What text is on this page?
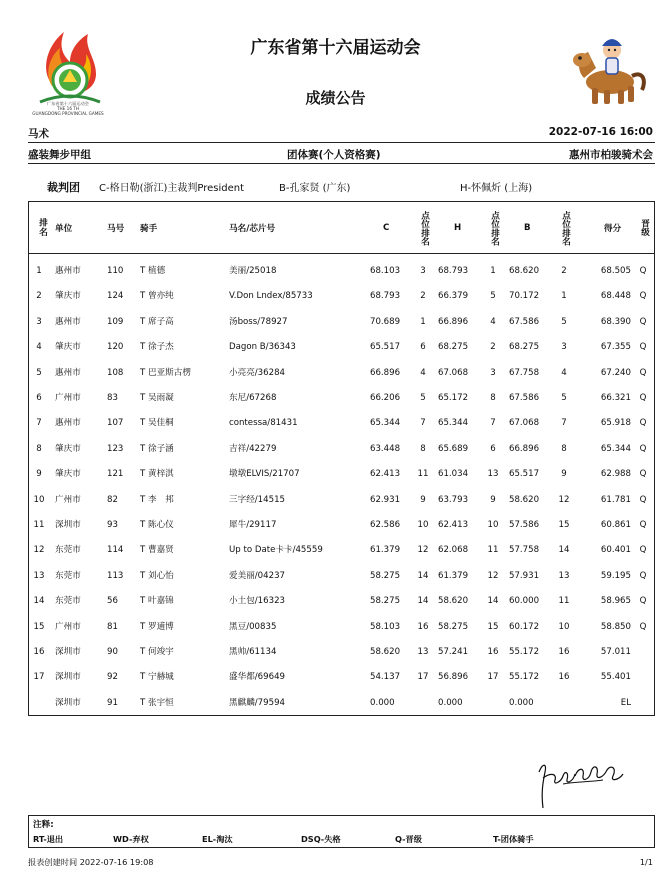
广东省第十六届运动会
THE 16 TH
GUANGDONG PROVINCIAL GAMES
广东省第十六届运动会
成绩公告
马术	2022-07-16 16:00
盛装舞步甲组	团体赛(个人资格赛)	惠州市柏骏骑术会
裁判团 C-格日勒(浙江)主裁判President	B-孔家贤 (广东)	H-怀佩炘 (上海)
排名 单位	马号 骑手	马名/芯片号	C	点位排名	H	点位排名	B	点位排名	得分 晋级
1	惠州市	110	T 植德	美丽/25018	68.103	3	68.793	1	68.620	2	68.505	Q
2	肇庆市	124	T 曾亦纯	V.Don Lndex/85733	68.793	2	66.379	5	70.172	1	68.448	Q
3	惠州市	109	T 席子高	汤boss/78927	70.689	1	66.896	4	67.586	5	68.390	Q
4	肇庆市	120	T 徐子杰	Dagon B/36343	65.517	6	68.275	2	68.275	3	67.355	Q
5	惠州市	108	T 巴亚斯古楞	小亮亮/36284	66.896	4	67.068	3	67.758	4	67.240	Q
6	广州市	83	T 吴雨凝	东尼/67268	66.206	5	65.172	8	67.586	5	66.321	Q
7	惠州市	107	T 吴佳桐	contessa/81431	65.344	7	65.344	7	67.068	7	65.918	Q
8	肇庆市	123	T 徐子涵	吉祥/42279	63.448	8	65.689	6	66.896	8	65.344	Q
9	肇庆市	121	T 黄梓淇	墩墩ELVIS/21707	62.413	11 61.034	13 65.517	9	62.988	Q
10	广州市	82	T 李　邦	三字经/14515	62.931	9	63.793	9	58.620	12	61.781	Q
11	深圳市	93	T 陈心仪	犀牛/29117	62.586	10 62.413	10 57.586	15	60.861	Q
12	东莞市	114	T 曹嘉贤	Up to Date卡卡/45559	61.379	12 62.068	11 57.758	14	60.401	Q
13	东莞市	113	T 刘心怡	爱美丽/04237	58.275	14 61.379	12 57.931	13	59.195	Q
14	东莞市	56	T 叶嘉锦	小土包/16323	58.275	14 58.620	14 60.000	11	58.965	Q
15	广州市	81	T 罗逋博	黑豆/00835	58.103	16 58.275	15 60.172	10	58.850	Q
16	深圳市	90	T 何竣宇	黑帅/61134	58.620	13 57.241	16 55.172	16	57.011
17	深圳市	92	T 宁赫城	盛华都/69649	54.137	17 56.896	17 55.172	16	55.401
深圳市	91	T 张宇恒	黑麒麟/79594	0.000	0.000	0.000	EL
注释:
RT-退出	WD-弃权	EL-淘汰	DSQ-失格	Q-晋级	T-团体骑手
报表创建时间 2022-07-16 19:08	1/1
